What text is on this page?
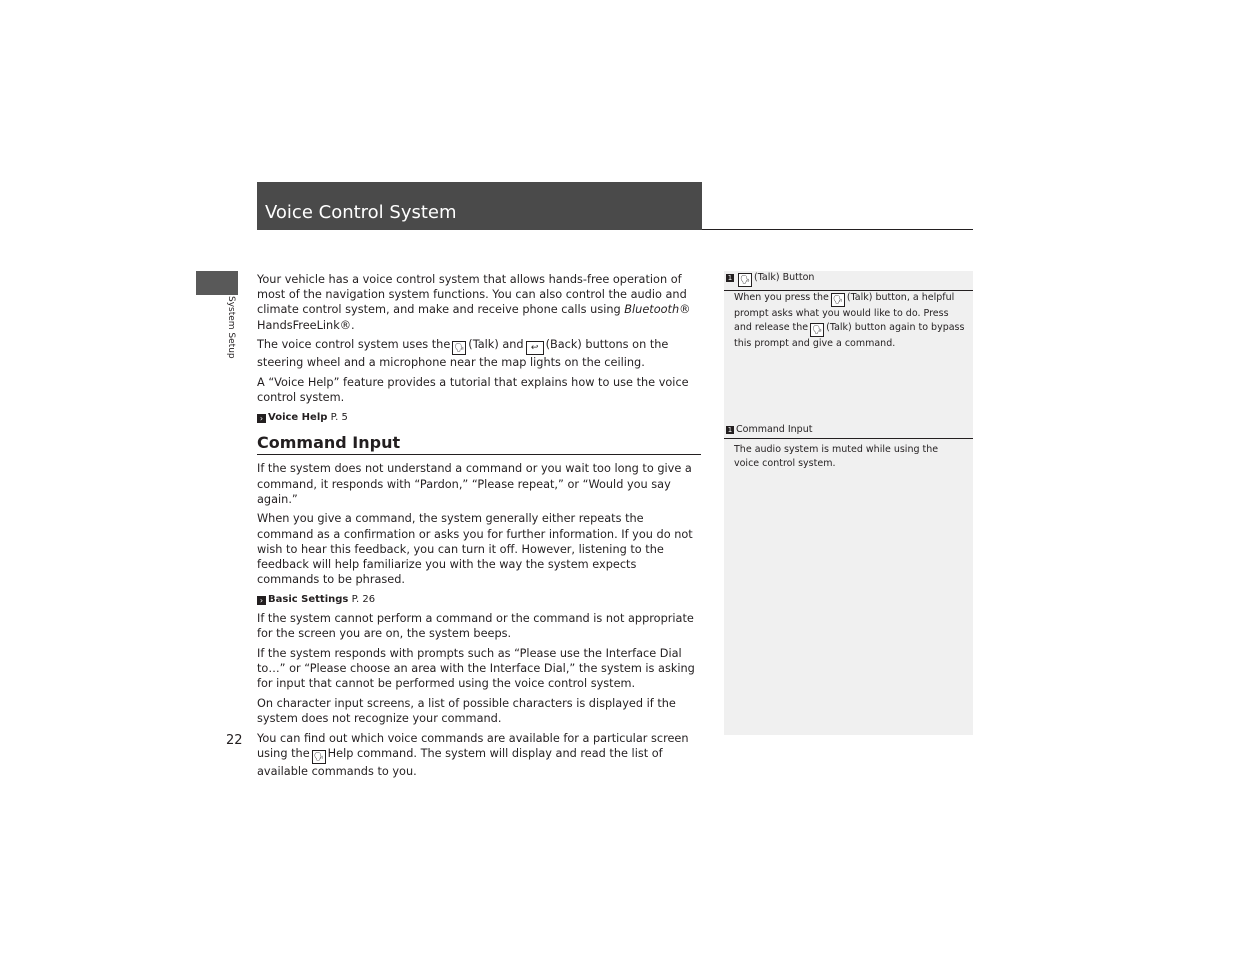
Voice Control System
System Setup

Your vehicle has a voice control system that allows hands-free operation of most of the navigation system functions. You can also control the audio and climate control system, and make and receive phone calls using Bluetooth® HandsFreeLink®.

The voice control system uses the 🗣 (Talk) and ↩ (Back) buttons on the steering wheel and a microphone near the map lights on the ceiling.

A “Voice Help” feature provides a tutorial that explains how to use the voice control system.

› Voice Help P. 5
Command Input

If the system does not understand a command or you wait too long to give a command, it responds with “Pardon,” “Please repeat,” or “Would you say again.”

When you give a command, the system generally either repeats the command as a confirmation or asks you for further information. If you do not wish to hear this feedback, you can turn it off. However, listening to the feedback will help familiarize you with the way the system expects commands to be phrased.

› Basic Settings P. 26

If the system cannot perform a command or the command is not appropriate for the screen you are on, the system beeps.

If the system responds with prompts such as “Please use the Interface Dial to…” or “Please choose an area with the Interface Dial,” the system is asking for input that cannot be performed using the voice control system.

On character input screens, a list of possible characters is displayed if the system does not recognize your command.

You can find out which voice commands are available for a particular screen using the 🗣 Help command. The system will display and read the list of available commands to you.

1 🗣 (Talk) Button
When you press the 🗣 (Talk) button, a helpful prompt asks what you would like to do. Press and release the 🗣 (Talk) button again to bypass this prompt and give a command.
1 Command Input
The audio system is muted while using the voice control system.
22
